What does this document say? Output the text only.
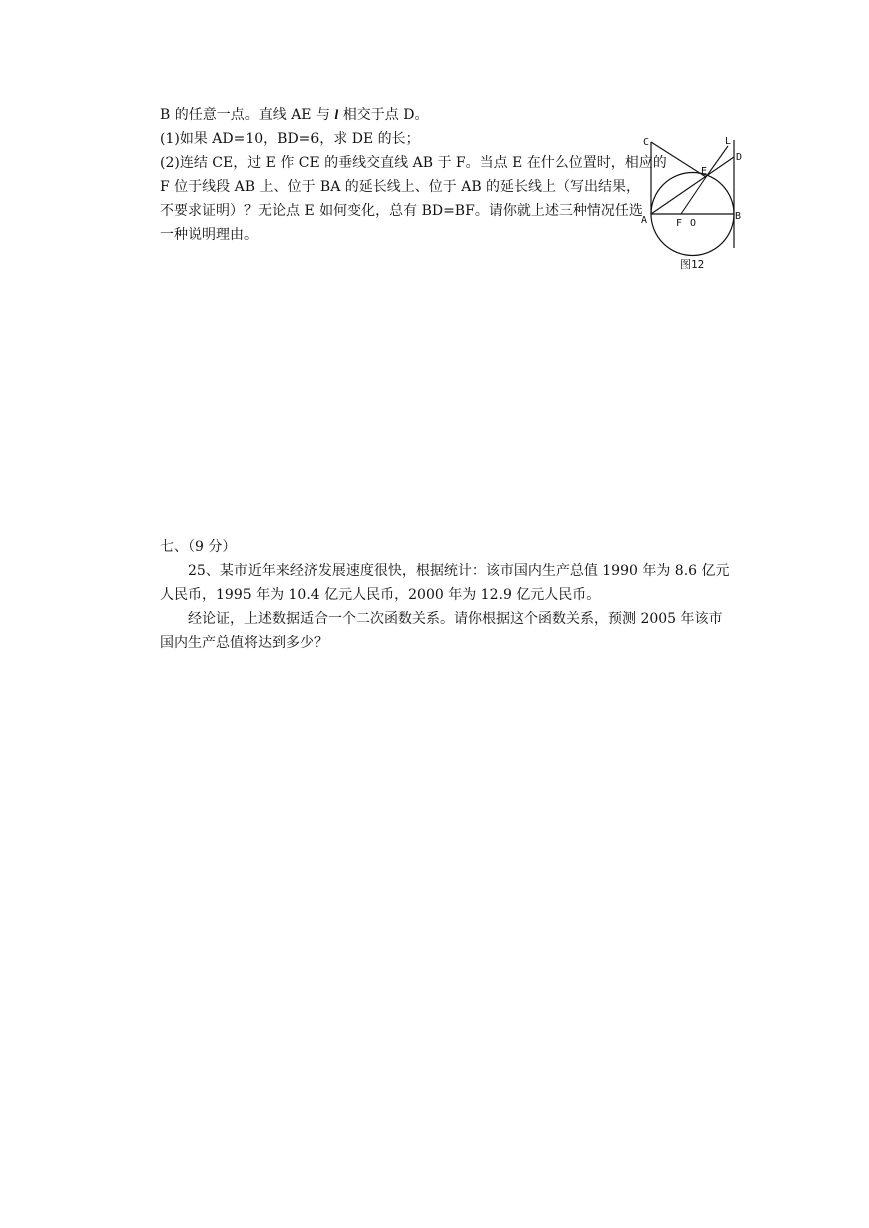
B 的任意一点。直线 AE 与 l 相交于点 D。
(1)如果 AD=10，BD=6，求 DE 的长；
(2)连结 CE，过 E 作 CE 的垂线交直线 AB 于 F。当点 E 在什么位置时，相应的
F 位于线段 AB 上、位于 BA 的延长线上、位于 AB 的延长线上（写出结果，
不要求证明）？无论点 E 如何变化，总有 BD=BF。请你就上述三种情况任选
一种说明理由。
C	L
D
E
A	F O
B
图12
七、（9 分）
25、某市近年来经济发展速度很快，根据统计：该市国内生产总值 1990 年为 8.6 亿元
人民币，1995 年为 10.4 亿元人民币，2000 年为 12.9 亿元人民币。
经论证，上述数据适合一个二次函数关系。请你根据这个函数关系，预测 2005 年该市
国内生产总值将达到多少？
